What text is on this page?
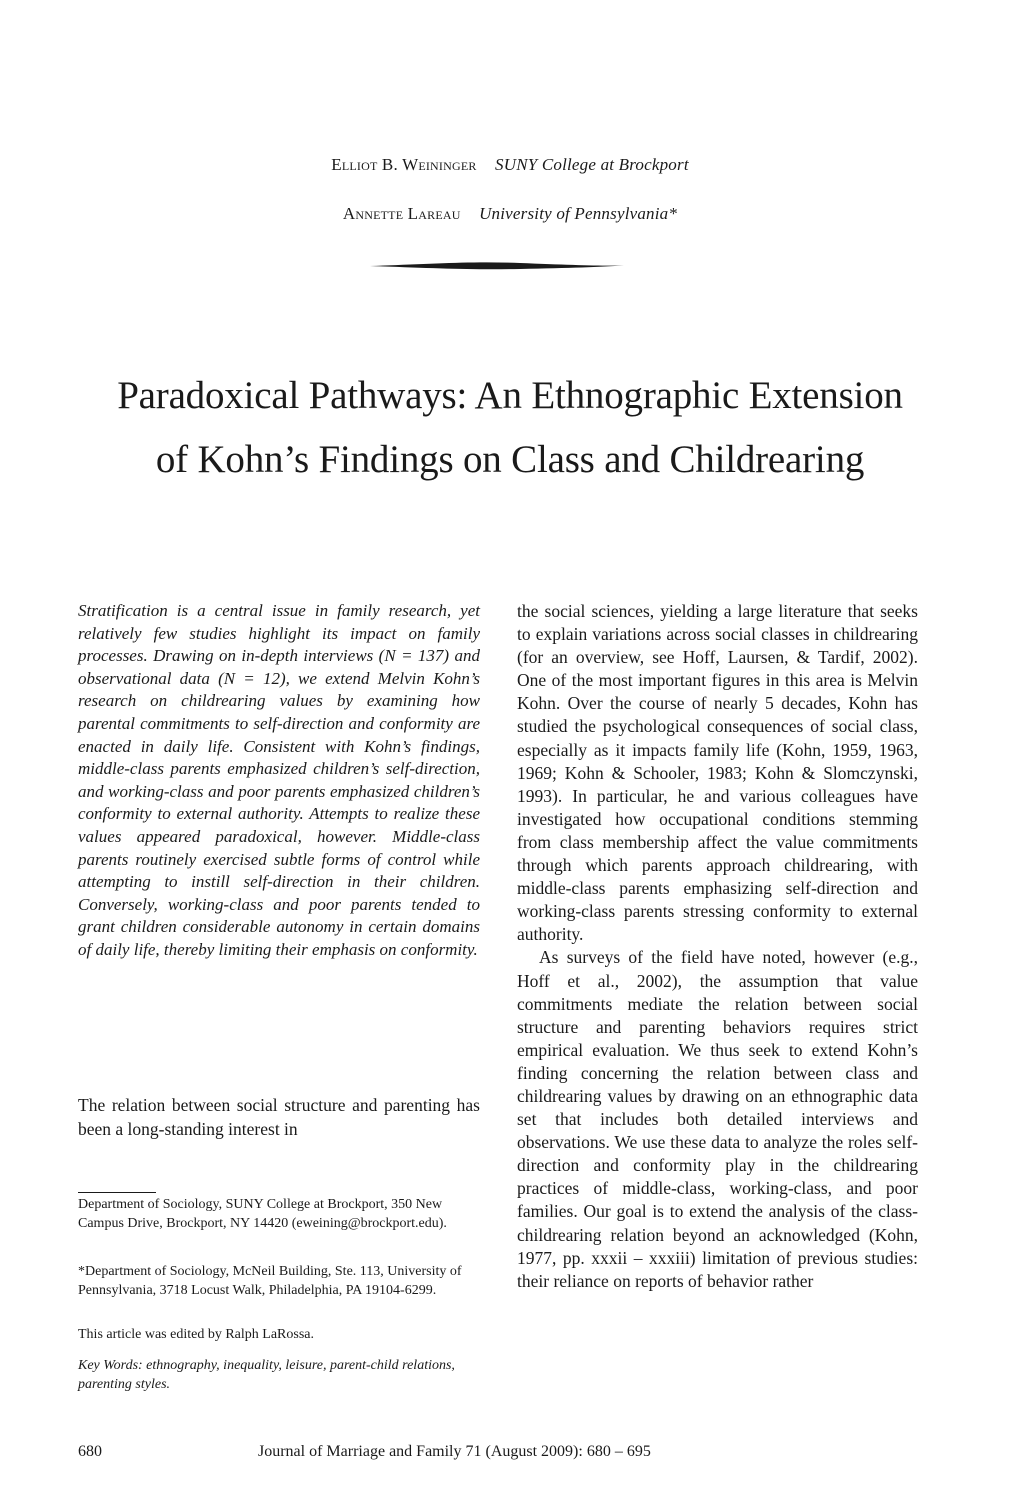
Elliot B. Weininger SUNY College at Brockport
Annette Lareau University of Pennsylvania*
Paradoxical Pathways: An Ethnographic Extension
of Kohn’s Findings on Class and Childrearing
Stratification is a central issue in family research, yet relatively few studies highlight its impact on family processes. Drawing on in-depth interviews (N = 137) and observational data (N = 12), we extend Melvin Kohn’s research on childrearing values by examining how parental commitments to self-direction and conformity are enacted in daily life. Consistent with Kohn’s findings, middle-class parents emphasized children’s self-direction, and working-class and poor parents emphasized children’s conformity to external authority. Attempts to realize these values appeared paradoxical, however. Middle-class parents routinely exercised subtle forms of control while attempting to instill self-direction in their children. Conversely, working-class and poor parents tended to grant children considerable autonomy in certain domains of daily life, thereby limiting their emphasis on conformity.
The relation between social structure and parenting has been a long-standing interest in

Department of Sociology, SUNY College at Brockport, 350 New Campus Drive, Brockport, NY 14420 (eweining@brockport.edu).

*Department of Sociology, McNeil Building, Ste. 113, University of Pennsylvania, 3718 Locust Walk, Philadelphia, PA 19104-6299.

This article was edited by Ralph LaRossa.

Key Words: ethnography, inequality, leisure, parent-child relations, parenting styles.

the social sciences, yielding a large literature that seeks to explain variations across social classes in childrearing (for an overview, see Hoff, Laursen, & Tardif, 2002). One of the most important figures in this area is Melvin Kohn. Over the course of nearly 5 decades, Kohn has studied the psychological consequences of social class, especially as it impacts family life (Kohn, 1959, 1963, 1969; Kohn & Schooler, 1983; Kohn & Slomczynski, 1993). In particular, he and various colleagues have investigated how occupational conditions stemming from class membership affect the value commitments through which parents approach childrearing, with middle-class parents emphasizing self-direction and working-class parents stressing conformity to external authority.

As surveys of the field have noted, however (e.g., Hoff et al., 2002), the assumption that value commitments mediate the relation between social structure and parenting behaviors requires strict empirical evaluation. We thus seek to extend Kohn’s finding concerning the relation between class and childrearing values by drawing on an ethnographic data set that includes both detailed interviews and observations. We use these data to analyze the roles self-direction and conformity play in the childrearing practices of middle-class, working-class, and poor families. Our goal is to extend the analysis of the class-childrearing relation beyond an acknowledged (Kohn, 1977, pp. xxxii – xxxiii) limitation of previous studies: their reliance on reports of behavior rather

680	Journal of Marriage and Family 71 (August 2009): 680 – 695
